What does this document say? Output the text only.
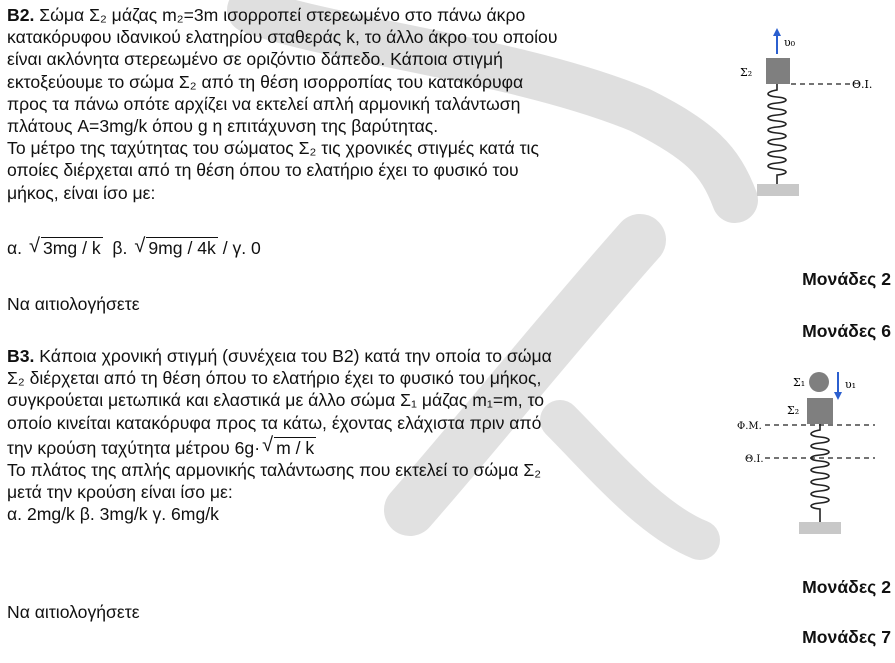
B2. Σώμα Σ₂ μάζας m₂=3m ισορροπεί στερεωμένο στο πάνω άκρο
κατακόρυφου ιδανικού ελατηρίου σταθεράς k, το άλλο άκρο του οποίου
είναι ακλόνητα στερεωμένο σε οριζόντιο δάπεδο. Κάποια στιγμή
εκτοξεύουμε το σώμα Σ₂ από τη θέση ισορροπίας του κατακόρυφα
προς τα πάνω οπότε αρχίζει να εκτελεί απλή αρμονική ταλάντωση
πλάτους A=3mg/k όπου g η επιτάχυνση της βαρύτητας.
Το μέτρο της ταχύτητας του σώματος Σ₂ τις χρονικές στιγμές κατά τις
οποίες διέρχεται από τη θέση όπου το ελατήριο έχει το φυσικό του
μήκος, είναι ίσο με:
α. √ 3mg / k β. √ 9mg / 4k / γ. 0
Να αιτιολογήσετε
Μονάδες 2
Μονάδες 6
B3. Κάποια χρονική στιγμή (συνέχεια του Β2) κατά την οποία το σώμα
Σ₂ διέρχεται από τη θέση όπου το ελατήριο έχει το φυσικό του μήκος,
συγκρούεται μετωπικά και ελαστικά με άλλο σώμα Σ₁ μάζας m₁=m, το
οποίο κινείται κατακόρυφα προς τα κάτω, έχοντας ελάχιστα πριν από
την κρούση ταχύτητα μέτρου 6g· √ m / k
Το πλάτος της απλής αρμονικής ταλάντωσης που εκτελεί το σώμα Σ₂
μετά την κρούση είναι ίσο με:
α. 2mg/k β. 3mg/k γ. 6mg/k
Να αιτιολογήσετε
Μονάδες 2
Μονάδες 7
υ₀
Σ₂
Θ.Ι.
Σ₁	υ₁
Σ₂
Φ.Μ.
Θ.Ι.
